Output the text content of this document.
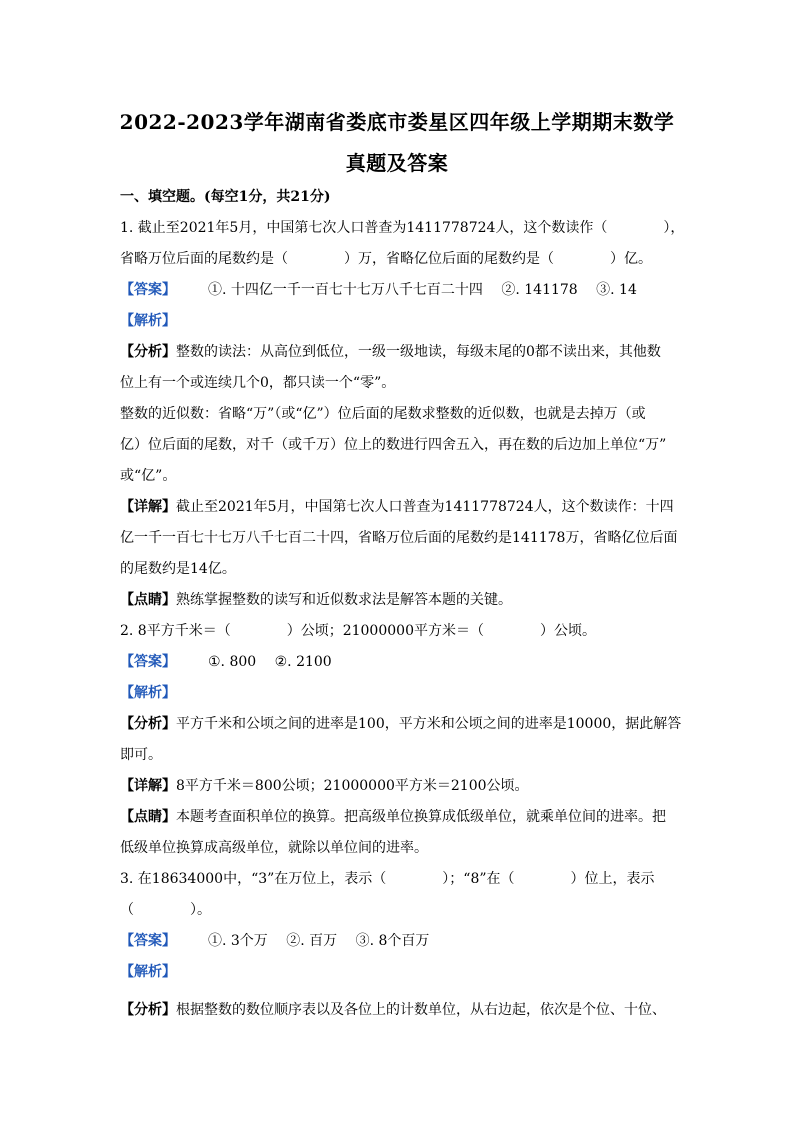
2022-2023学年湖南省娄底市娄星区四年级上学期期末数学
真题及答案
一、填空题。(每空1分，共21分)
1. 截止至2021年5月，中国第七次人口普查为1411778724人，这个数读作（　　　　），
省略万位后面的尾数约是（　　　　）万，省略亿位后面的尾数约是（　　　　）亿。
【答案】 ①. 十四亿一千一百七十七万八千七百二十四　 ②. 141178　 ③. 14
【解析】
【分析】整数的读法：从高位到低位，一级一级地读，每级末尾的0都不读出来，其他数
位上有一个或连续几个0，都只读一个“零”。
整数的近似数：省略“万”（或“亿”）位后面的尾数求整数的近似数，也就是去掉万（或
亿）位后面的尾数，对千（或千万）位上的数进行四舍五入，再在数的后边加上单位“万”
或“亿”。
【详解】截止至2021年5月，中国第七次人口普查为1411778724人，这个数读作：十四
亿一千一百七十七万八千七百二十四，省略万位后面的尾数约是141178万，省略亿位后面
的尾数约是14亿。
【点睛】熟练掌握整数的读写和近似数求法是解答本题的关键。
2. 8平方千米＝（　　　　）公顷；21000000平方米＝（　　　　）公顷。
【答案】 ①. 800　 ②. 2100
【解析】
【分析】平方千米和公顷之间的进率是100，平方米和公顷之间的进率是10000，据此解答
即可。
【详解】8平方千米＝800公顷；21000000平方米＝2100公顷。
【点睛】本题考查面积单位的换算。把高级单位换算成低级单位，就乘单位间的进率。把
低级单位换算成高级单位，就除以单位间的进率。
3. 在18634000中，“3”在万位上，表示（　　　　）；“8”在（　　　　）位上，表示
（　　　　）。
【答案】 ①. 3个万　 ②. 百万　 ③. 8个百万
【解析】
【分析】根据整数的数位顺序表以及各位上的计数单位，从右边起，依次是个位、十位、
